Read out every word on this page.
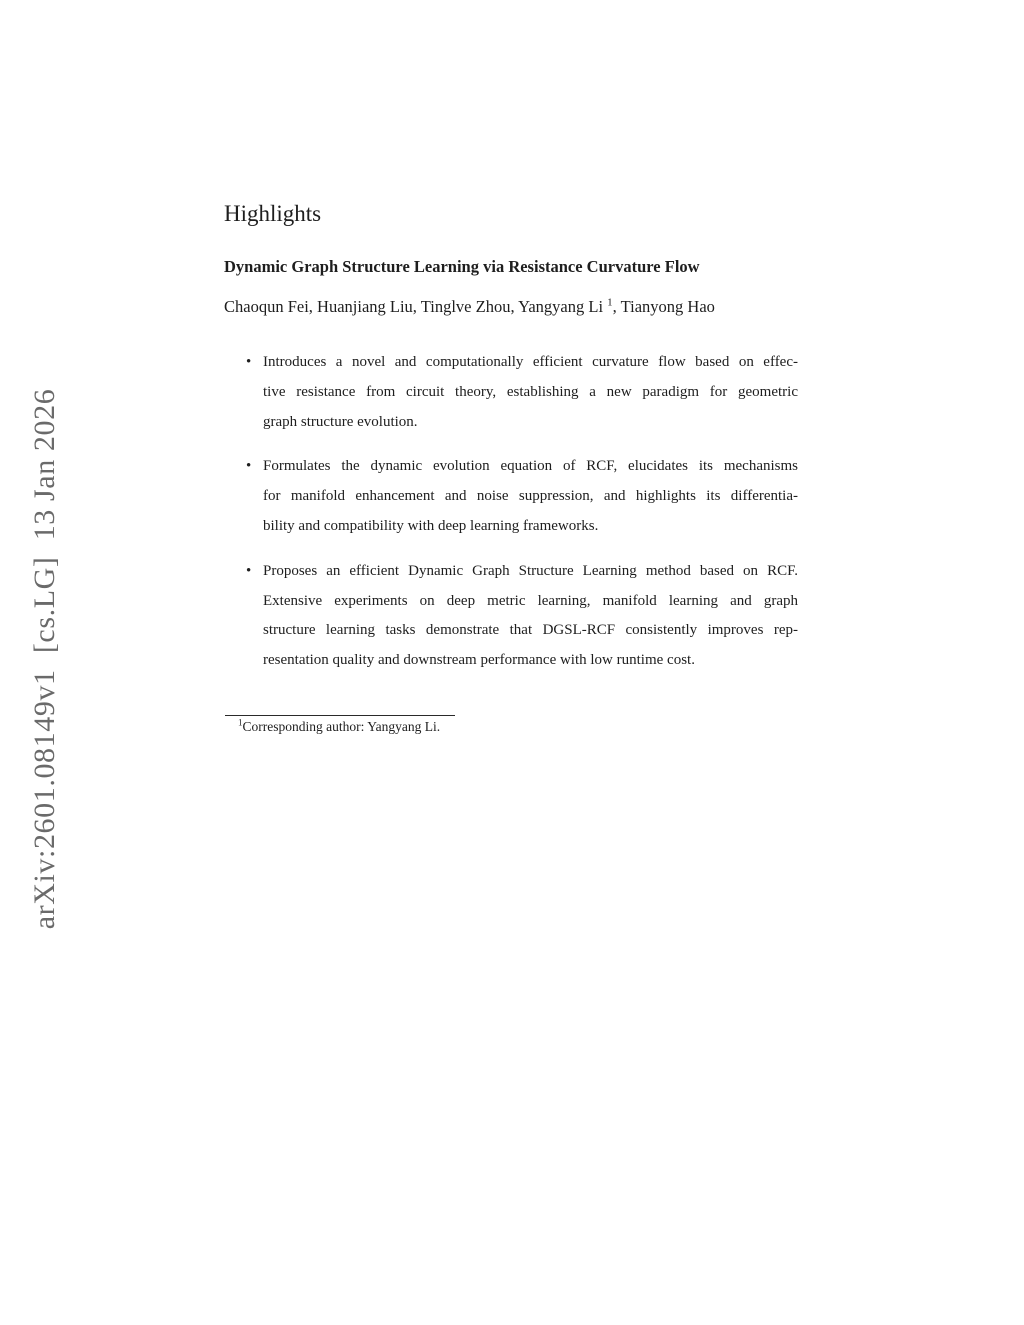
arXiv:2601.08149v1  [cs.LG]  13 Jan 2026
Highlights

Dynamic Graph Structure Learning via Resistance Curvature Flow

Chaoqun Fei, Huanjiang Liu, Tinglve Zhou, Yangyang Li $^1$, Tianyong Hao

• Introduces a novel and computationally efficient curvature flow based on effec-
tive resistance from circuit theory, establishing a new paradigm for geometric
graph structure evolution.
• Formulates the dynamic evolution equation of RCF, elucidates its mechanisms
for manifold enhancement and noise suppression, and highlights its differentia-
bility and compatibility with deep learning frameworks.
• Proposes an efficient Dynamic Graph Structure Learning method based on RCF.
Extensive experiments on deep metric learning, manifold learning and graph
structure learning tasks demonstrate that DGSL-RCF consistently improves rep-
resentation quality and downstream performance with low runtime cost.

$^1$Corresponding author: Yangyang Li.
